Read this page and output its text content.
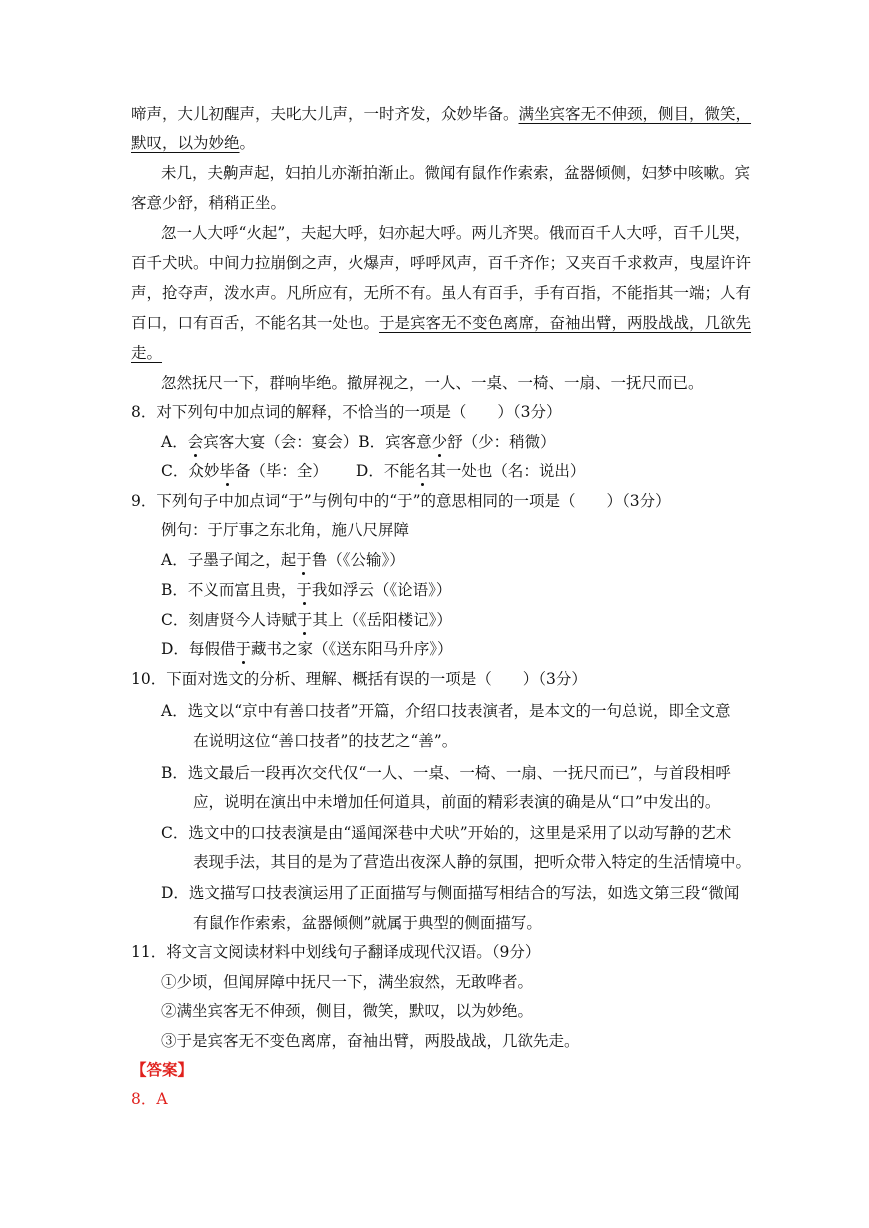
啼声，大儿初醒声，夫叱大儿声，一时齐发，众妙毕备。 满坐宾客无不伸颈，侧目，微笑，
默叹，以为妙绝。
未几，夫齁声起，妇拍儿亦渐拍渐止。微闻有鼠作作索索，盆器倾侧，妇梦中咳嗽。宾
客意少舒，稍稍正坐。
忽一人大呼“火起”，夫起大呼，妇亦起大呼。两儿齐哭。俄而百千人大呼，百千儿哭，
百千犬吠。中间力拉崩倒之声，火爆声，呼呼风声，百千齐作；又夹百千求救声，曳屋许许
声，抢夺声，泼水声。凡所应有，无所不有。虽人有百手，手有百指，不能指其一端；人有
百口，口有百舌，不能名其一处也。 于是宾客无不变色离席，奋袖出臂，两股战战，几欲先
走。
忽然抚尺一下，群响毕绝。撤屏视之，一人、一桌、一椅、一扇、一抚尺而已。
8．对下列句中加点词的解释，不恰当的一项是（　　）（3分）
A．会宾客大宴（会：宴会）B．宾客意少舒（少：稍微）
C．众妙毕备（毕：全） D．不能名其一处也（名：说出）
9．下列句子中加点词“于”与例句中的“于”的意思相同的一项是（　　）（3分）
例句：于厅事之东北角，施八尺屏障
A．子墨子闻之，起于鲁（《公输》）
B．不义而富且贵，于我如浮云（《论语》）
C．刻唐贤今人诗赋于其上（《岳阳楼记》）
D．每假借于藏书之家（《送东阳马升序》）
10．下面对选文的分析、理解、概括有误的一项是（　　）（3分）
A．选文以“京中有善口技者”开篇，介绍口技表演者，是本文的一句总说，即全文意
在说明这位“善口技者”的技艺之“善”。
B．选文最后一段再次交代仅“一人、一桌、一椅、一扇、一抚尺而已”，与首段相呼
应，说明在演出中未增加任何道具，前面的精彩表演的确是从“口”中发出的。
C．选文中的口技表演是由“遥闻深巷中犬吠”开始的，这里是采用了以动写静的艺术
表现手法，其目的是为了营造出夜深人静的氛围，把听众带入特定的生活情境中。
D．选文描写口技表演运用了正面描写与侧面描写相结合的写法，如选文第三段“微闻
有鼠作作索索，盆器倾侧”就属于典型的侧面描写。
11．将文言文阅读材料中划线句子翻译成现代汉语。（9分）
①少顷，但闻屏障中抚尺一下，满坐寂然，无敢哗者。
②满坐宾客无不伸颈，侧目，微笑，默叹，以为妙绝。
③于是宾客无不变色离席，奋袖出臂，两股战战，几欲先走。
【答案】
8．A
